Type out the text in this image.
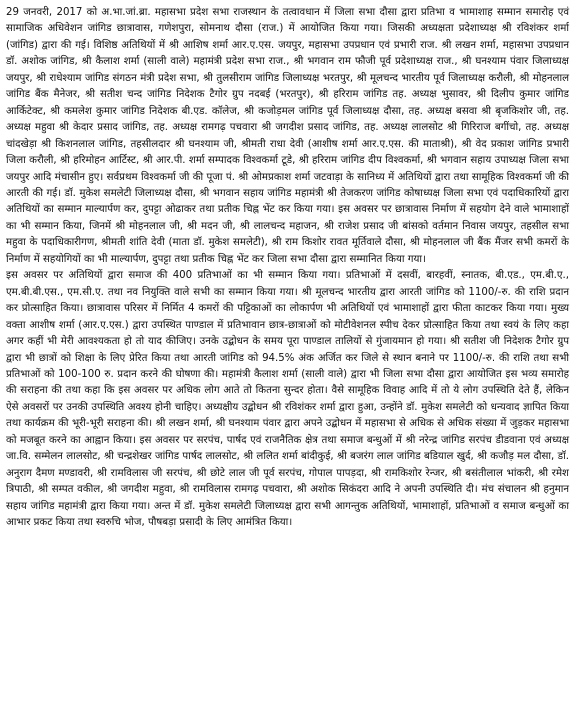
29 जनवरी, 2017 को अ.भा.जां.ब्रा. महासभा प्रदेश सभा राजस्थान के तत्वावधान में जिला सभा दौसा द्वारा प्रतिभा व भामाशाह सम्मान समारोह एवं सामाजिक अधिवेशन जांगिड छात्रावास, गणेशपुरा, सोमनाथ दौसा (राज.) में आयोजित किया गया। जिसकी अध्यक्षता प्रदेशाध्यक्ष श्री रविशंकर शर्मा (जांगिड) द्वारा की गई। विशिष्ठ अतिथियों में श्री आशिष शर्मा आर.ए.एस. जयपुर, महासभा उपप्रधान एवं प्रभारी राज. श्री लखन शर्मा, महासभा उपप्रधान डॉ. अशोक जांगिड, श्री कैलाश शर्मा (साली वाले) महामंत्री प्रदेश सभा राज., श्री भगवान राम फौजी पूर्व प्रदेशाध्यक्ष राज., श्री घनश्याम पंवार जिलाध्यक्ष जयपुर, श्री राधेश्याम जांगिड संगठन मंत्री प्रदेश सभा, श्री तुलसीराम जांगिड जिलाध्यक्ष भरतपुर, श्री मूलचन्द भारतीय पूर्व जिलाध्यक्ष करौली, श्री मोहनलाल जांगिड बैंक मैनेजर, श्री सतीश चन्द जांगिड निदेशक टैगोर ग्रुप नदबई (भरतपुर), श्री हरिराम जांगिड तह. अध्यक्ष भुसावर, श्री दिलीप कुमार जांगिड आर्किटेक्ट, श्री कमलेश कुमार जांगिड निदेशक बी.एड. कॉलेज, श्री कजोड़मल जांगिड पूर्व जिलाध्यक्ष दौसा, तह. अध्यक्ष बसवा श्री बृजकिशोर जी, तह. अध्यक्ष महुवा श्री केदार प्रसाद जांगिड, तह. अध्यक्ष रामगढ़ पचवारा श्री जगदीश प्रसाद जांगिड, तह. अध्यक्ष लालसोट श्री गिरिराज बगींचो, तह. अध्यक्ष चांदखेड़ा श्री किशनलाल जांगिड, तहसीलदार श्री घनश्याम जी, श्रीमती राधा देवी (आशीष शर्मा आर.ए.एस. की माताश्री), श्री वेद प्रकाश जांगिड प्रभारी जिला करौली, श्री हरिमोहन आर्टिस्ट, श्री आर.पी. शर्मा सम्पादक विश्वकर्मा टूडे, श्री हरिराम जांगिड दीप विश्वकर्मा, श्री भगवान सहाय उपाध्यक्ष जिला सभा जयपुर आदि मंचासीन हुए। सर्वप्रथम विश्वकर्मा जी की पूजा पं. श्री ओमप्रकाश शर्मा जटवाड़ा के सानिध्य में अतिथियों द्वारा तथा सामूहिक विश्वकर्मा जी की आरती की गई। डॉ. मुकेश समलेटी जिलाध्यक्ष दौसा, श्री भगवान सहाय जांगिड महामंत्री श्री तेजकरण जांगिड कोषाध्यक्ष जिला सभा एवं पदाधिकारियों द्वारा अतिथियों का सम्मान माल्यार्पण कर, दुपट्टा ओढाकर तथा प्रतीक चिह्न भेंट कर किया गया। इस अवसर पर छात्रावास निर्माण में सहयोग देने वाले भामाशाहों का भी सम्मान किया, जिनमें श्री मोहनलाल जी, श्री मदन जी, श्री लालचन्द महाजन, श्री राजेश प्रसाद जी बांसको वर्तमान निवास जयपुर, तहसील सभा महुवा के पदाधिकारीगण, श्रीमती शांति देवी (माता डॉ. मुकेश समलेटी), श्री राम किशोर रावत मूर्तिवाले दौसा, श्री मोहनलाल जी बैंक मैंजर सभी कमरों के निर्माण में सहयोगियों का भी माल्यार्पण, दुपट्टा तथा प्रतीक चिह्न भेंट कर जिला सभा दौसा द्वारा सम्मानित किया गया।

इस अवसर पर अतिथियों द्वारा समाज की 400 प्रतिभाओं का भी सम्मान किया गया। प्रतिभाओं में दसवीं, बारहवीं, स्नातक, बी.एड., एम.बी.ए., एम.बी.बी.एस., एम.सी.ए. तथा नव नियुक्ति वाले सभी का सम्मान किया गया। श्री मूलचन्द भारतीय द्वारा आरती जांगिड को 1100/-रु. की राशि प्रदान कर प्रोत्साहित किया। छात्रावास परिसर में निर्मित 4 कमरों की पट्टिकाओं का लोकार्पण भी अतिथियों एवं भामाशाहों द्वारा फीता काटकर किया गया। मुख्य वक्ता आशीष शर्मा (आर.ए.एस.) द्वारा उपस्थित पाण्डाल में प्रतिभावान छात्र-छात्राओं को मोटीवेशनल स्पीच देकर प्रोत्साहित किया तथा स्वयं के लिए कहा अगर कहीं भी मेरी आवश्यकता हो तो याद कीजिए। उनके उद्बोधन के समय पूरा पाण्डाल तालियों से गुंजायमान हो गया। श्री सतीश जी निदेशक टैगोर ग्रुप द्वारा भी छात्रों को शिक्षा के लिए प्रेरित किया तथा आरती जांगिड को 94.5% अंक अर्जित कर जिले से स्थान बनाने पर 1100/-रु. की राशि तथा सभी प्रतिभाओं को 100-100 रु. प्रदान करने की घोषणा की। महामंत्री कैलाश शर्मा (साली वाले) द्वारा भी जिला सभा दौसा द्वारा आयोजित इस भव्य समारोह की सराहना की तथा कहा कि इस अवसर पर अधिक लोग आते तो कितना सुन्दर होता। वैसे सामूहिक विवाह आदि में तो ये लोग उपस्थिति देते हैं, लेकिन ऐसे अवसरों पर उनकी उपस्थिति अवश्य होनी चाहिए। अध्यक्षीय उद्बोधन श्री रविशंकर शर्मा द्वारा हुआ, उन्होंने डॉ. मुकेश समलेटी को धन्यवाद ज्ञापित किया तथा कार्यक्रम की भूरी-भूरी सराहना की। श्री लखन शर्मा, श्री घनश्याम पंवार द्वारा अपने उद्बोधन में महासभा से अधिक से अधिक संख्या में जुड़कर महासभा को मजबूत करने का आह्वान किया। इस अवसर पर सरपंच, पार्षद एवं राजनैतिक क्षेत्र तथा समाज बन्धुओं में श्री नरेन्द्र जांगिड सरपंच डीडवाना एवं अध्यक्ष जा.वि. सम्मेलन लालसोट, श्री चन्द्रशेखर जांगिड पार्षद लालसोट, श्री ललित शर्मा बांदीकुई, श्री बजरंग लाल जांगिड बडियाल खुर्द, श्री कजौड़ मल दौसा, डॉ. अनुराग दैमण मण्डावरी, श्री रामविलास जी सरपंच, श्री छोटे लाल जी पूर्व सरपंच, गोपाल पापड़दा, श्री रामकिशोर रेन्जर, श्री बसंतीलाल भांकरी, श्री रमेश त्रिपाठी, श्री सम्पत वकील, श्री जगदीश महुवा, श्री रामविलास रामगढ़ पचवारा, श्री अशोक सिकंदरा आदि ने अपनी उपस्थिति दी। मंच संचालन श्री हनुमान सहाय जांगिड महामंत्री द्वारा किया गया। अन्त में डॉ. मुकेश समलेटी जिलाध्यक्ष द्वारा सभी आगन्तुक अतिथियों, भामाशाहों, प्रतिभाओं व समाज बन्धुओं का आभार प्रकट किया तथा स्वरुचि भोज, पौषबड़ा प्रसादी के लिए आमंत्रित किया।
